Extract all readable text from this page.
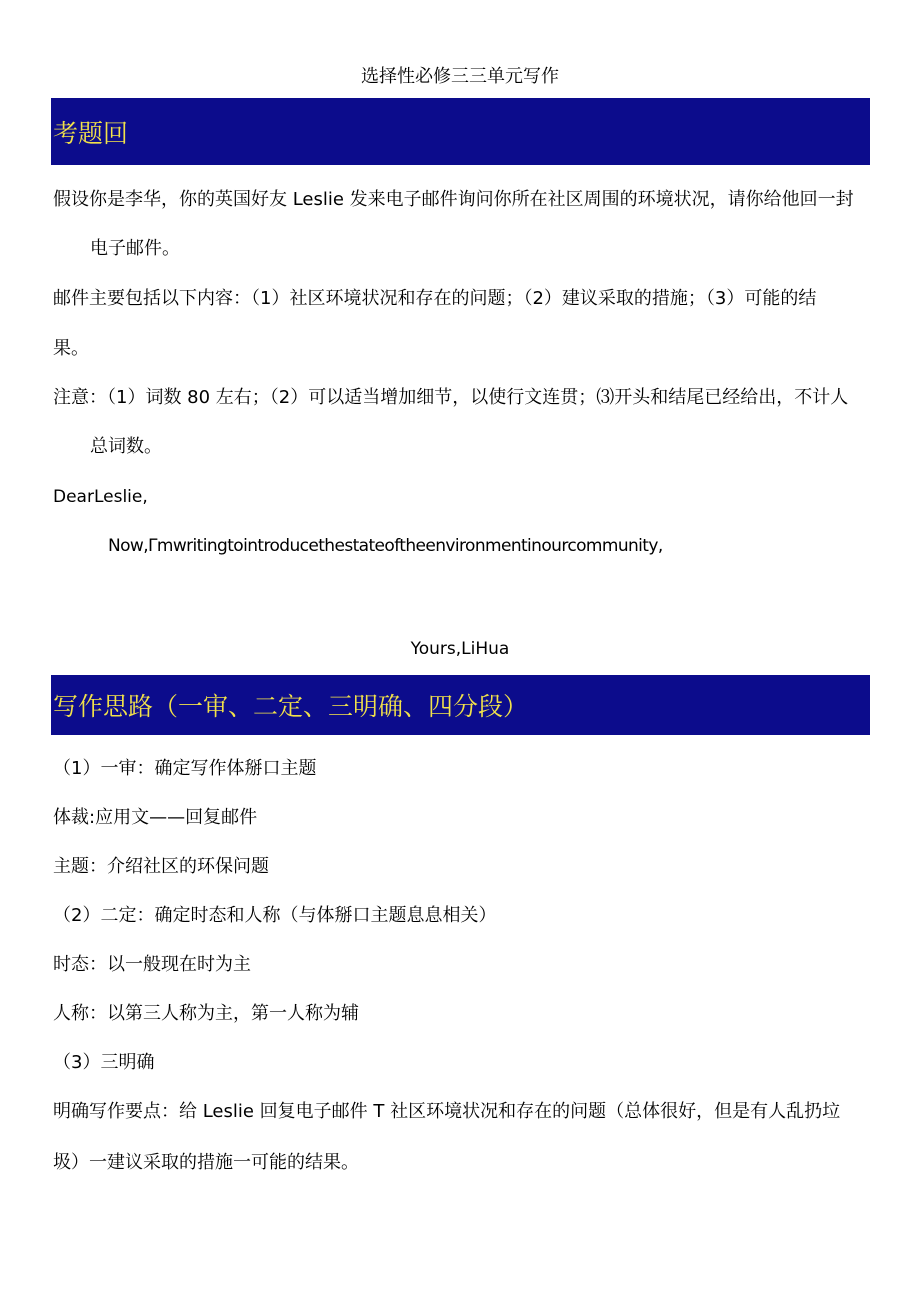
选择性必修三三单元写作
考题回
假设你是李华，你的英国好友 Leslie 发来电子邮件询问你所在社区周围的环境状况，请你给他回一封
电子邮件。
邮件主要包括以下内容：（1）社区环境状况和存在的问题；（2）建议采取的措施；（3）可能的结
果。
注意：（1）词数 80 左右；（2）可以适当增加细节，以使行文连贯；⑶开头和结尾已经给出，不计人
总词数。
DearLeslie,
Now,Γmwritingtointroducethestateoftheenvironmentinourcommunity,
Yours,LiHua
写作思路（一审、二定、三明确、四分段）
（1）一审：确定写作体掰口主题
体裁:应用文——回复邮件
主题：介绍社区的环保问题
（2）二定：确定时态和人称（与体掰口主题息息相关）
时态：以一般现在时为主
人称：以第三人称为主，第一人称为辅
（3）三明确
明确写作要点：给 Leslie 回复电子邮件 T 社区环境状况和存在的问题（总体很好，但是有人乱扔垃
圾）一建议采取的措施一可能的结果。
